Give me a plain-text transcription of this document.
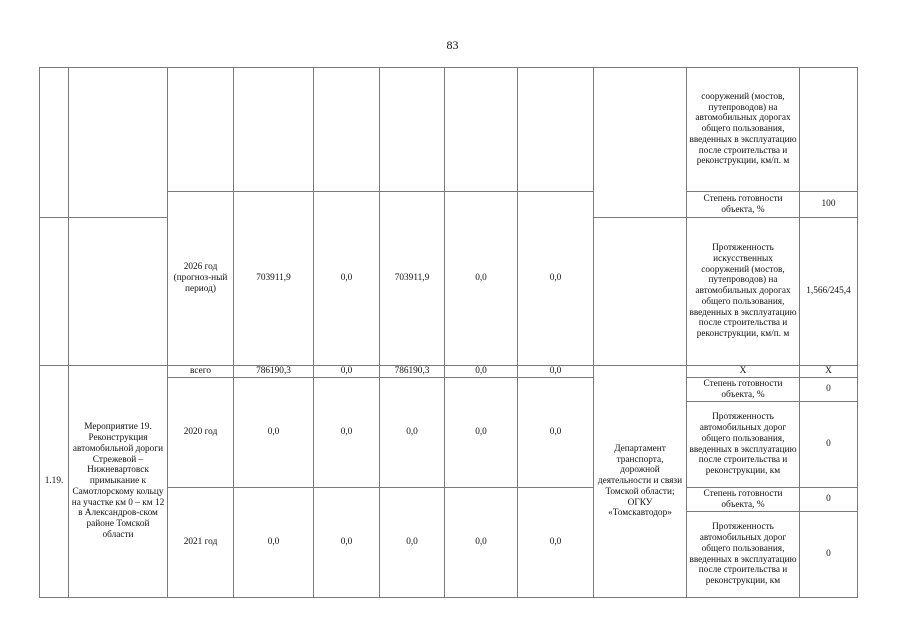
83
									сооружений (мостов, путепроводов) на автомобильных дорогах общего пользования, введенных в эксплуатацию после строительства и реконструкции, км/п. м	
		2026 год (прогноз-ный период)	703911,9	0,0	703911,9	0,0	0,0		Степень готовности объекта, %	100
									Протяженность искусственных сооружений (мостов, путепроводов) на автомобильных дорогах общего пользования, введенных в эксплуатацию после строительства и реконструкции, км/п. м	1,566/245,4
1.19.	Мероприятие 19. Реконструкция автомобильной дороги Стрежевой – Нижневартовск примыкание к Самотлорскому кольцу на участке км 0 – км 12 в Александров-ском районе Томской области	всего	786190,3	0,0	786190,3	0,0	0,0	Департамент транспорта, дорожной деятельности и связи Томской области; ОГКУ «Томскавтодор»	X	X
		2020 год	0,0	0,0	0,0	0,0	0,0		Степень готовности объекта, %	0
									Протяженность автомобильных дорог общего пользования, введенных в эксплуатацию после строительства и реконструкции, км	0
		2021 год	0,0	0,0	0,0	0,0	0,0		Степень готовности объекта, %	0
									Протяженность автомобильных дорог общего пользования, введенных в эксплуатацию после строительства и реконструкции, км	0
